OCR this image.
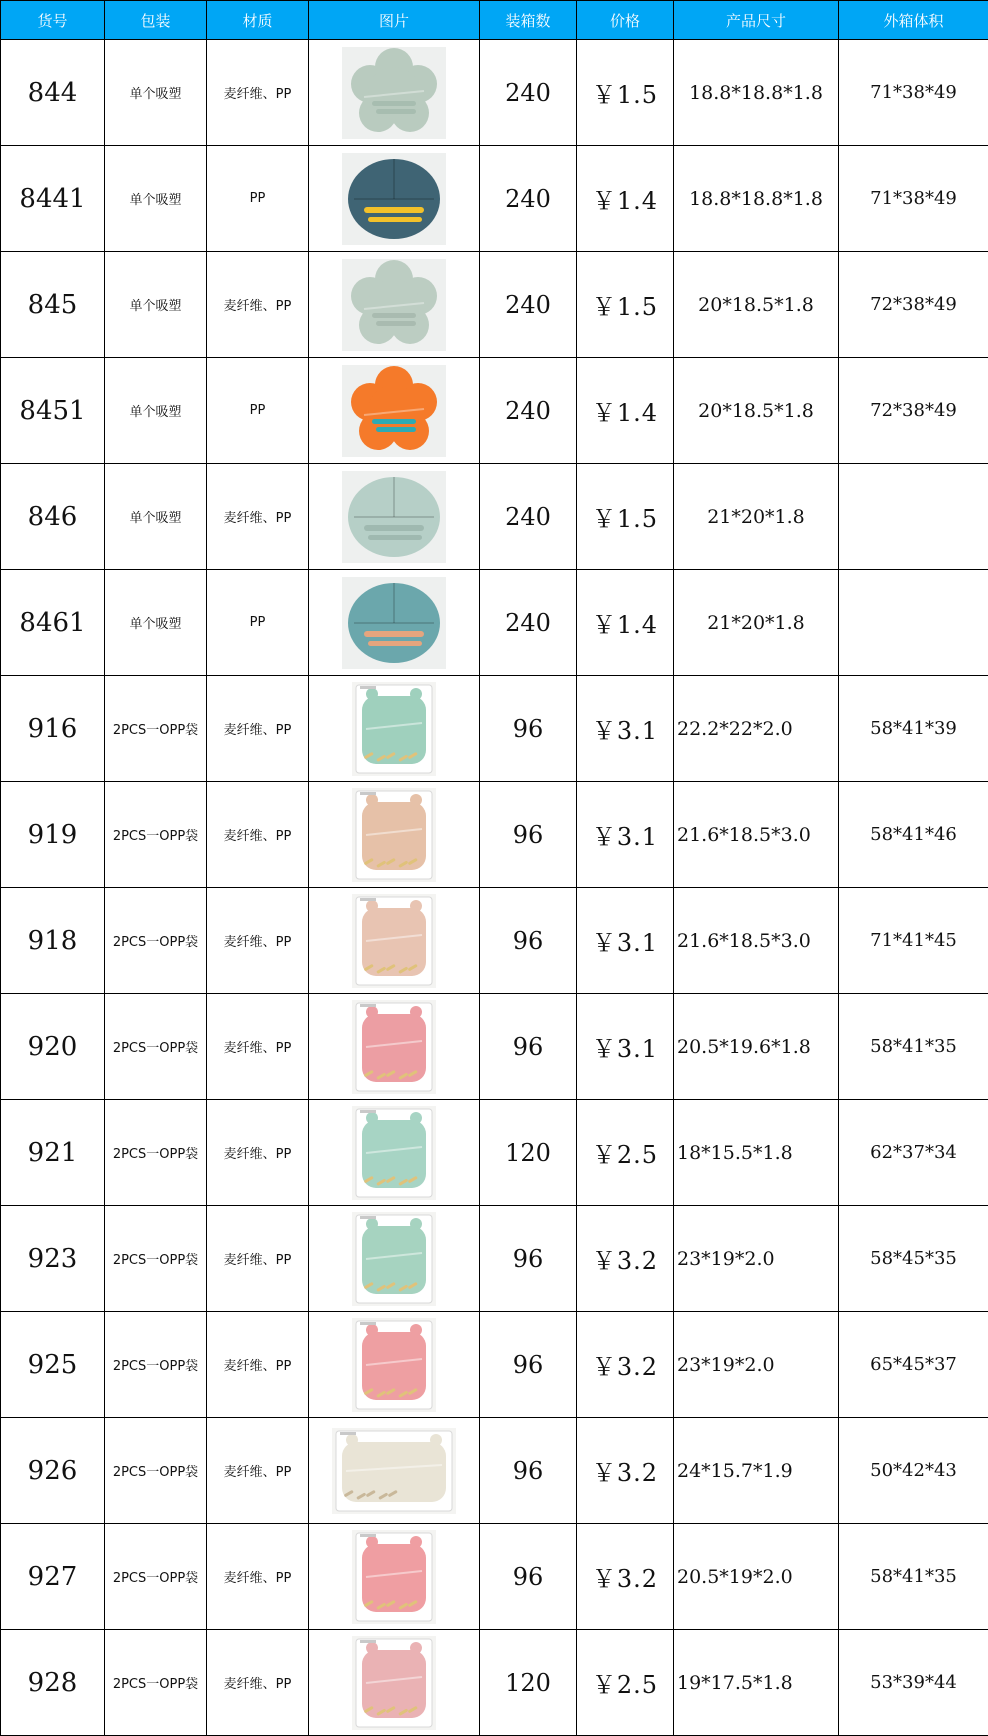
货号	包装	材质	图片	装箱数	价格	产品尺寸	外箱体积
844	单个吸塑	麦纤维、PP		240	￥1.5	18.8*18.8*1.8	71*38*49
8441	单个吸塑	PP		240	￥1.4	18.8*18.8*1.8	71*38*49
845	单个吸塑	麦纤维、PP		240	￥1.5	20*18.5*1.8	72*38*49
8451	单个吸塑	PP		240	￥1.4	20*18.5*1.8	72*38*49
846	单个吸塑	麦纤维、PP		240	￥1.5	21*20*1.8	
8461	单个吸塑	PP		240	￥1.4	21*20*1.8	
916	2PCS一OPP袋	麦纤维、PP		96	￥3.1	22.2*22*2.0	58*41*39
919	2PCS一OPP袋	麦纤维、PP		96	￥3.1	21.6*18.5*3.0	58*41*46
918	2PCS一OPP袋	麦纤维、PP		96	￥3.1	21.6*18.5*3.0	71*41*45
920	2PCS一OPP袋	麦纤维、PP		96	￥3.1	20.5*19.6*1.8	58*41*35
921	2PCS一OPP袋	麦纤维、PP		120	￥2.5	18*15.5*1.8	62*37*34
923	2PCS一OPP袋	麦纤维、PP		96	￥3.2	23*19*2.0	58*45*35
925	2PCS一OPP袋	麦纤维、PP		96	￥3.2	23*19*2.0	65*45*37
926	2PCS一OPP袋	麦纤维、PP		96	￥3.2	24*15.7*1.9	50*42*43
927	2PCS一OPP袋	麦纤维、PP		96	￥3.2	20.5*19*2.0	58*41*35
928	2PCS一OPP袋	麦纤维、PP		120	￥2.5	19*17.5*1.8	53*39*44
